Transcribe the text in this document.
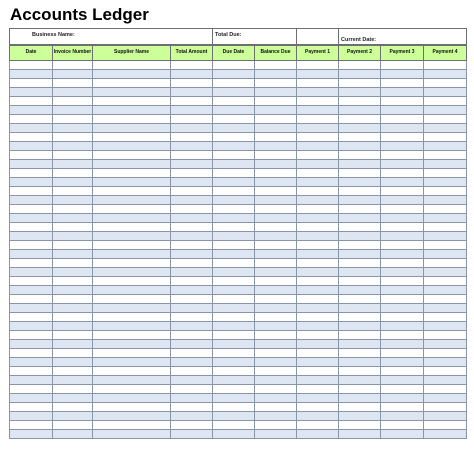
Accounts Ledger
Business Name:	Total Due:		Current Date:
Date	Invoice Number	Supplier Name	Total Amount	Due Date	Balance Due	Payment 1	Payment 2	Payment 3	Payment 4
